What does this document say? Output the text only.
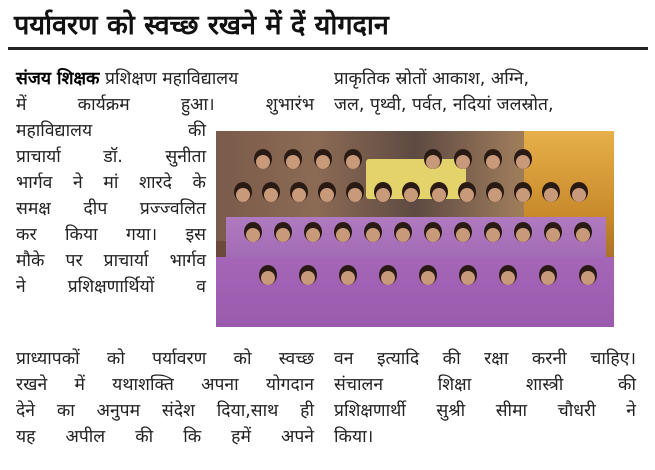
पर्यावरण को स्वच्छ रखने में दें योगदान
संजय शिक्षक प्रशिक्षण महाविद्यालय
में कार्यक्रम हुआ। शुभारंभ
महाविद्यालय की
प्राचार्या डॉ. सुनीता
भार्गव ने मां शारदे के
समक्ष दीप प्रज्ज्वलित
कर किया गया। इस
मौके पर प्राचार्या भार्गव
ने प्रशिक्षणार्थियों व
प्राकृतिक स्रोतों आकाश, अग्नि,
जल, पृथ्वी, पर्वत, नदियां जलस्रोत,
प्राध्यापकों को पर्यावरण को स्वच्छ
रखने में यथाशक्ति अपना योगदान
देने का अनुपम संदेश दिया,साथ ही
यह अपील की कि हमें अपने
वन इत्यादि की रक्षा करनी चाहिए।
संचालन शिक्षा शास्त्री की
प्रशिक्षणार्थी सुश्री सीमा चौधरी ने
किया।
